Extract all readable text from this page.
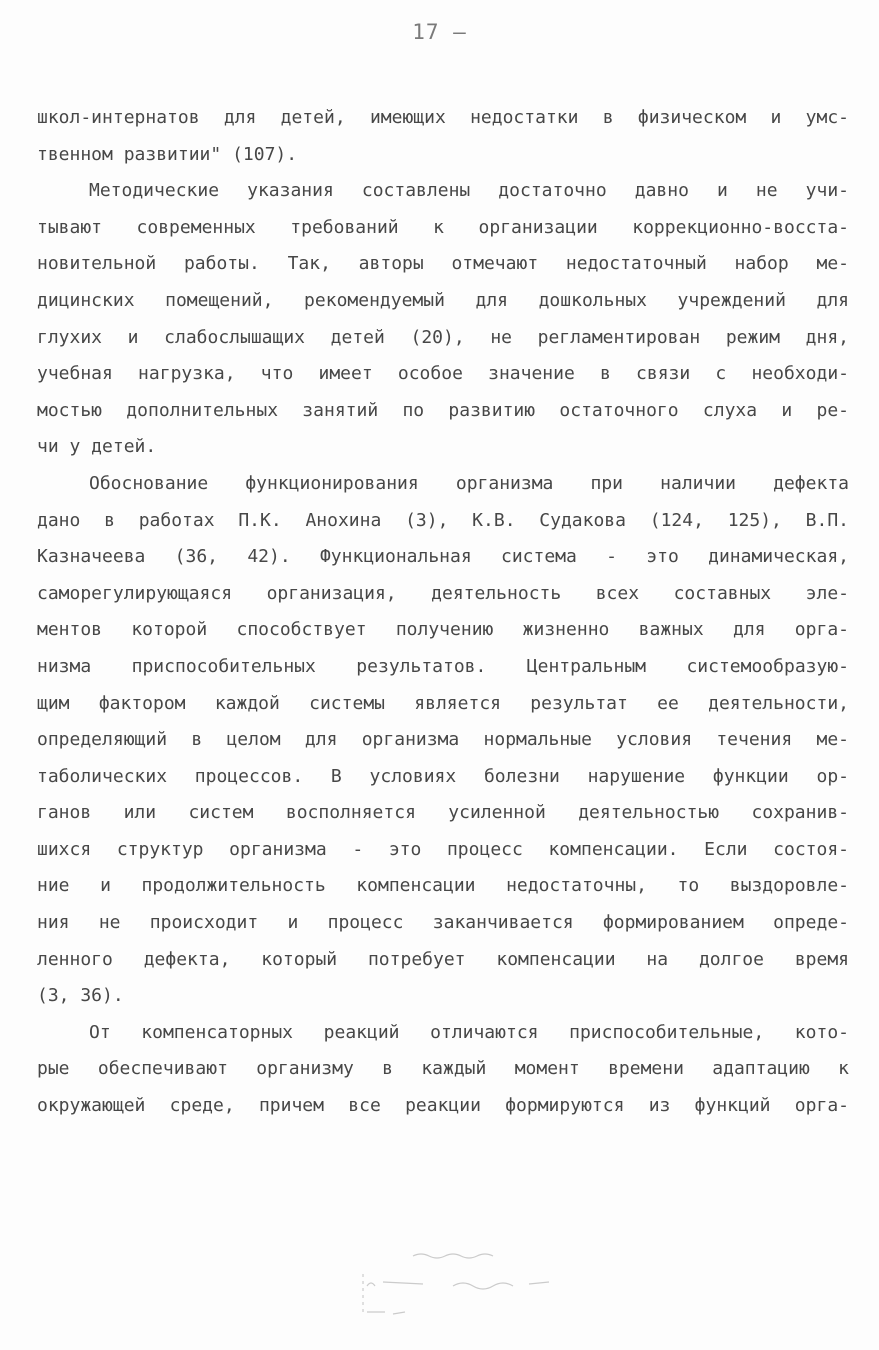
17 –
школ-интернатов для детей, имеющих недостатки в физическом и умс-
твенном развитии" (107).
Методические указания составлены достаточно давно и не учи-
тывают современных требований к организации коррекционно-восста-
новительной работы. Так, авторы отмечают недостаточный набор ме-
дицинских помещений, рекомендуемый для дошкольных учреждений для
глухих и слабослышащих детей (20), не регламентирован режим дня,
учебная нагрузка, что имеет особое значение в связи с необходи-
мостью дополнительных занятий по развитию остаточного слуха и ре-
чи у детей.
Обоснование функционирования организма при наличии дефекта
дано в работах П.К. Анохина (3), К.В. Судакова (124, 125), В.П.
Казначеева (36, 42). Функциональная система - это динамическая,
саморегулирующаяся организация, деятельность всех составных эле-
ментов которой способствует получению жизненно важных для орга-
низма приспособительных результатов. Центральным системообразую-
щим фактором каждой системы является результат ее деятельности,
определяющий в целом для организма нормальные условия течения ме-
таболических процессов. В условиях болезни нарушение функции ор-
ганов или систем восполняется усиленной деятельностью сохранив-
шихся структур организма - это процесс компенсации. Если состоя-
ние и продолжительность компенсации недостаточны, то выздоровле-
ния не происходит и процесс заканчивается формированием опреде-
ленного дефекта, который потребует компенсации на долгое время
(3, 36).
От компенсаторных реакций отличаются приспособительные, кото-
рые обеспечивают организму в каждый момент времени адаптацию к
окружающей среде, причем все реакции формируются из функций орга-
